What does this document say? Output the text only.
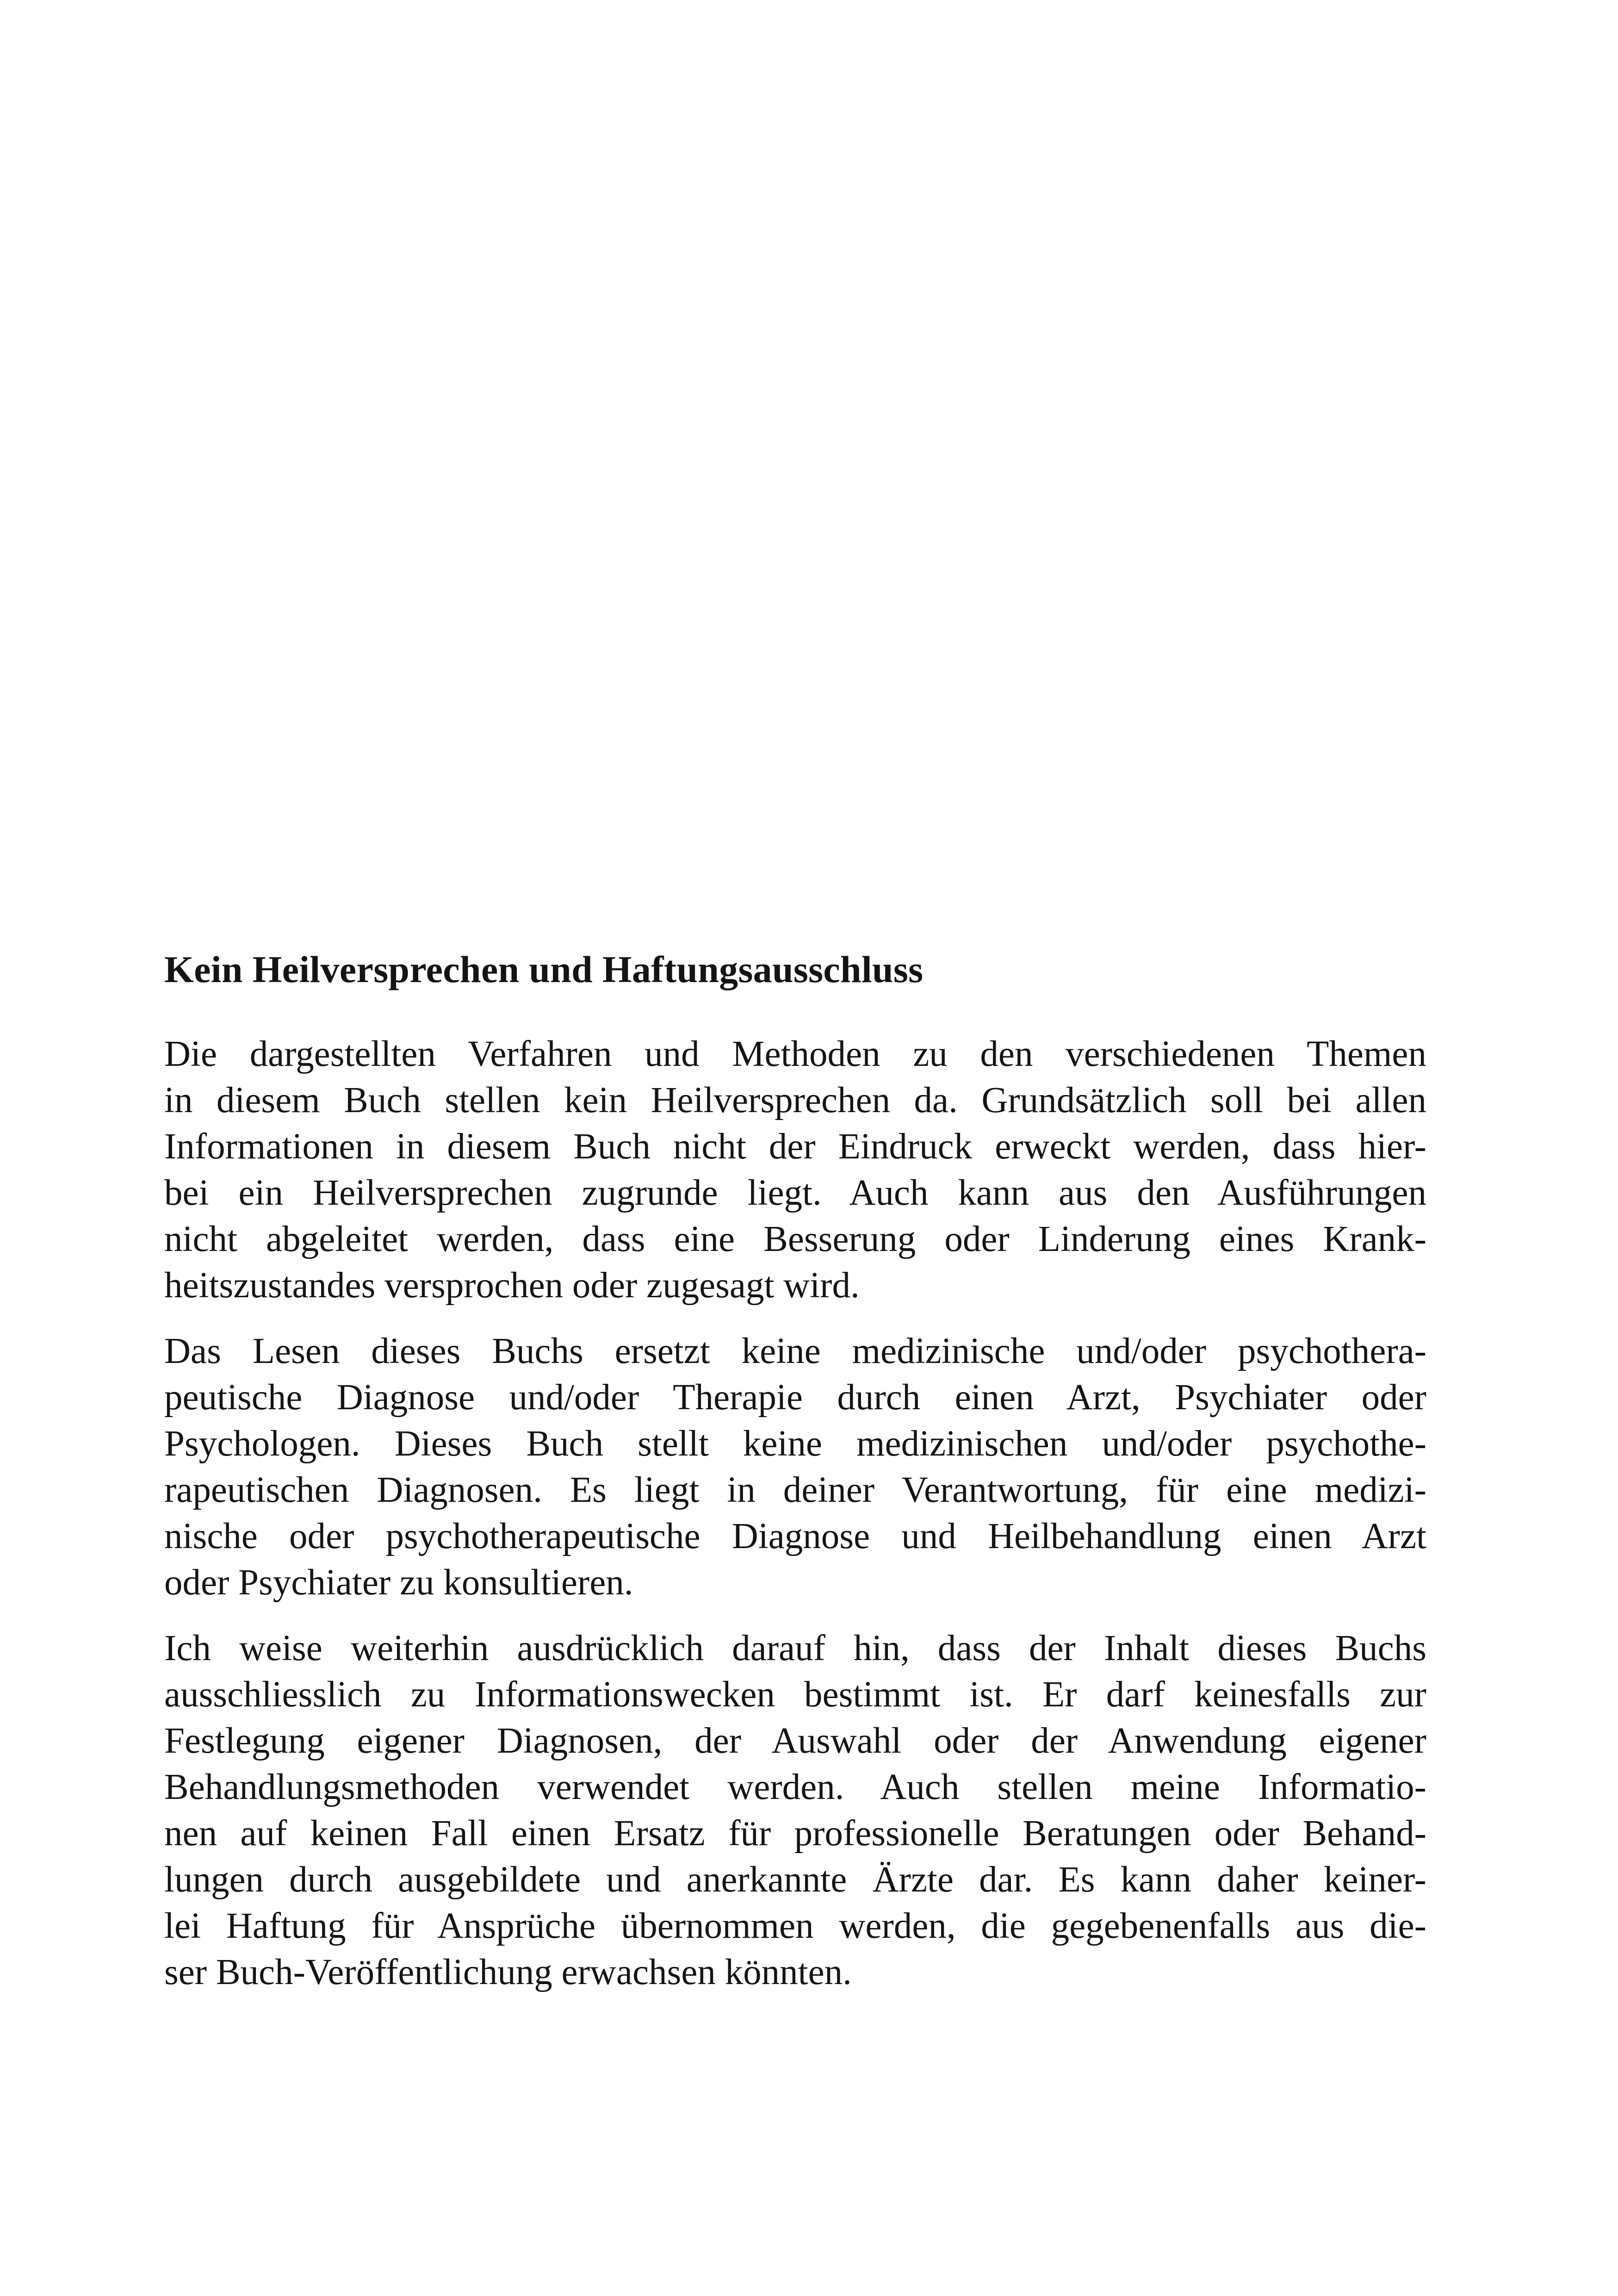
Kein Heilversprechen und Haftungsausschluss

Die dargestellten Verfahren und Methoden zu den verschiedenen Themen
in diesem Buch stellen kein Heilversprechen da. Grundsätzlich soll bei allen
Informationen in diesem Buch nicht der Eindruck erweckt werden, dass hier-
bei ein Heilversprechen zugrunde liegt. Auch kann aus den Ausführungen
nicht abgeleitet werden, dass eine Besserung oder Linderung eines Krank-
heitszustandes versprochen oder zugesagt wird.

Das Lesen dieses Buchs ersetzt keine medizinische und/oder psychothera-
peutische Diagnose und/oder Therapie durch einen Arzt, Psychiater oder
Psychologen. Dieses Buch stellt keine medizinischen und/oder psychothe-
rapeutischen Diagnosen. Es liegt in deiner Verantwortung, für eine medizi-
nische oder psychotherapeutische Diagnose und Heilbehandlung einen Arzt
oder Psychiater zu konsultieren.

Ich weise weiterhin ausdrücklich darauf hin, dass der Inhalt dieses Buchs
ausschliesslich zu Informationswecken bestimmt ist. Er darf keinesfalls zur
Festlegung eigener Diagnosen, der Auswahl oder der Anwendung eigener
Behandlungsmethoden verwendet werden. Auch stellen meine Informatio-
nen auf keinen Fall einen Ersatz für professionelle Beratungen oder Behand-
lungen durch ausgebildete und anerkannte Ärzte dar. Es kann daher keiner-
lei Haftung für Ansprüche übernommen werden, die gegebenenfalls aus die-
ser Buch-Veröffentlichung erwachsen könnten.
